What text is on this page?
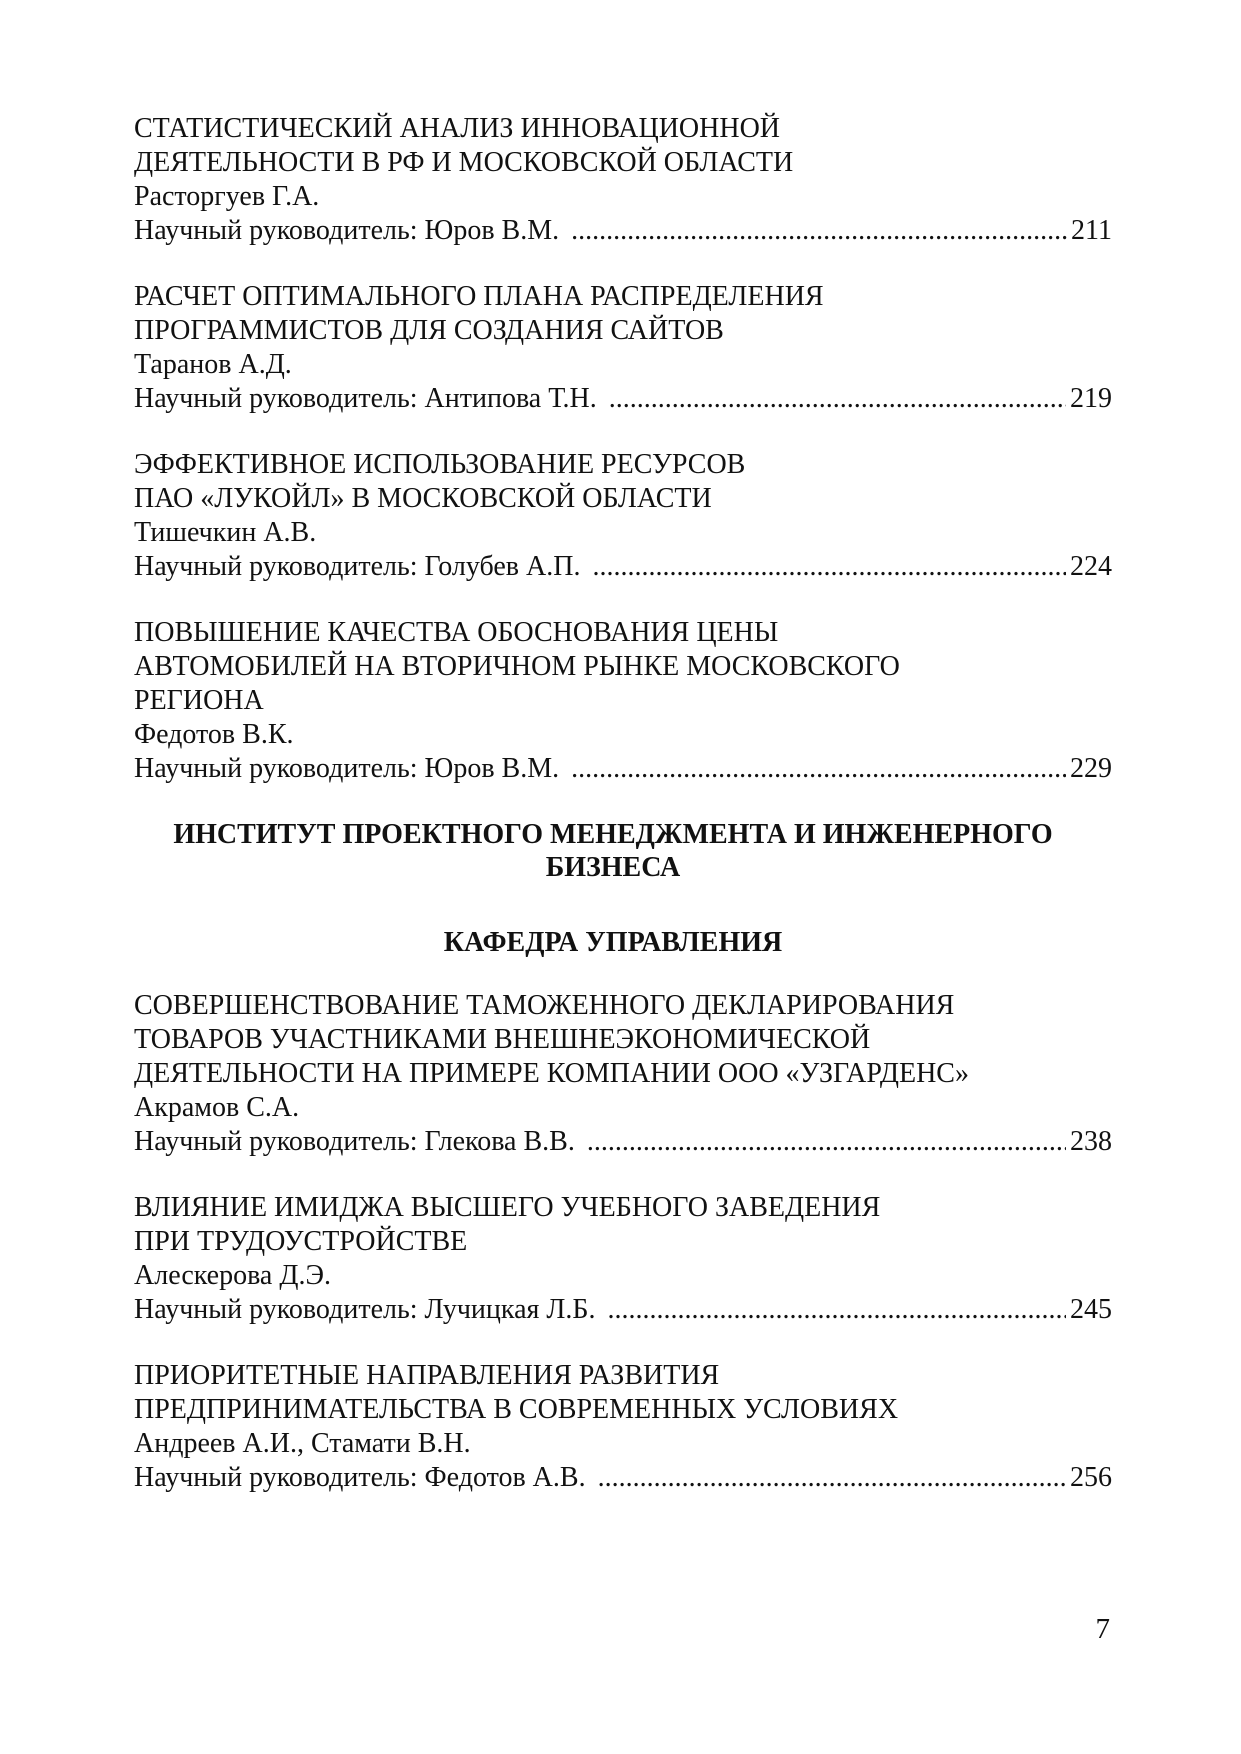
СТАТИСТИЧЕСКИЙ АНАЛИЗ ИННОВАЦИОННОЙ
ДЕЯТЕЛЬНОСТИ В РФ И МОСКОВСКОЙ ОБЛАСТИ
Расторгуев Г.А.
Научный руководитель: Юров В.М. .....	211
РАСЧЕТ ОПТИМАЛЬНОГО ПЛАНА РАСПРЕДЕЛЕНИЯ
ПРОГРАММИСТОВ ДЛЯ СОЗДАНИЯ САЙТОВ
Таранов А.Д.
Научный руководитель: Антипова Т.Н. .....	219
ЭФФЕКТИВНОЕ ИСПОЛЬЗОВАНИЕ РЕСУРСОВ
ПАО «ЛУКОЙЛ» В МОСКОВСКОЙ ОБЛАСТИ
Тишечкин А.В.
Научный руководитель: Голубев А.П. .....	224
ПОВЫШЕНИЕ КАЧЕСТВА ОБОСНОВАНИЯ ЦЕНЫ
АВТОМОБИЛЕЙ НА ВТОРИЧНОМ РЫНКЕ МОСКОВСКОГО
РЕГИОНА
Федотов В.К.
Научный руководитель: Юров В.М. .....	229
ИНСТИТУТ ПРОЕКТНОГО МЕНЕДЖМЕНТА И ИНЖЕНЕРНОГО
БИЗНЕСА
КАФЕДРА УПРАВЛЕНИЯ
СОВЕРШЕНСТВОВАНИЕ ТАМОЖЕННОГО ДЕКЛАРИРОВАНИЯ
ТОВАРОВ УЧАСТНИКАМИ ВНЕШНЕЭКОНОМИЧЕСКОЙ
ДЕЯТЕЛЬНОСТИ НА ПРИМЕРЕ КОМПАНИИ ООО «УЗГАРДЕНС»
Акрамов С.А.
Научный руководитель: Глекова В.В. .....	238
ВЛИЯНИЕ ИМИДЖА ВЫСШЕГО УЧЕБНОГО ЗАВЕДЕНИЯ
ПРИ ТРУДОУСТРОЙСТВЕ
Алескерова Д.Э.
Научный руководитель: Лучицкая Л.Б. .....	245
ПРИОРИТЕТНЫЕ НАПРАВЛЕНИЯ РАЗВИТИЯ
ПРЕДПРИНИМАТЕЛЬСТВА В СОВРЕМЕННЫХ УСЛОВИЯХ
Андреев А.И., Стамати В.Н.
Научный руководитель: Федотов А.В. .....	256
7
